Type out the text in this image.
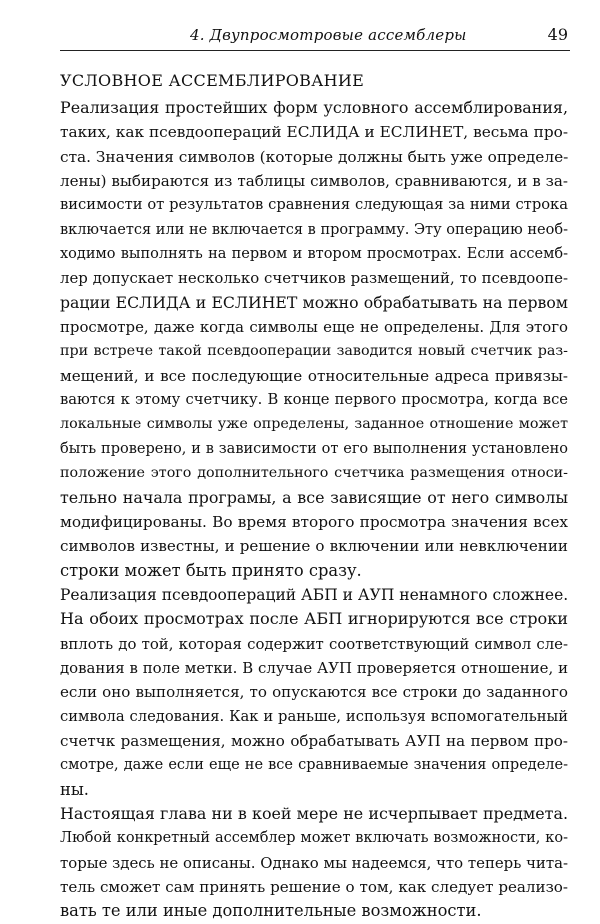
4. Двупросмотровые ассемблеры	49
УСЛОВНОЕ АССЕМБЛИРОВАНИЕ
Реализация простейших форм условного ассемблирования,
таких, как псевдоопераций ЕСЛИДА и ЕСЛИНЕТ, весьма про-
ста. Значения символов (которые должны быть уже определе-
лены) выбираются из таблицы символов, сравниваются, и в за-
висимости от результатов сравнения следующая за ними строка
включается или не включается в программу. Эту операцию необ-
ходимо выполнять на первом и втором просмотрах. Если ассемб-
лер допускает несколько счетчиков размещений, то псевдоопе-
рации ЕСЛИДА и ЕСЛИНЕТ можно обрабатывать на первом
просмотре, даже когда символы еще не определены. Для этого
при встрече такой псевдооперации заводится новый счетчик раз-
мещений, и все последующие относительные адреса привязы-
ваются к этому счетчику. В конце первого просмотра, когда все
локальные символы уже определены, заданное отношение может
быть проверено, и в зависимости от его выполнения установлено
положение этого дополнительного счетчика размещения относи-
тельно начала програмы, а все зависящие от него символы
модифицированы. Во время второго просмотра значения всех
символов известны, и решение о включении или невключении
строки может быть принято сразу.
Реализация псевдоопераций АБП и АУП ненамного сложнее.
На обоих просмотрах после АБП игнорируются все строки
вплоть до той, которая содержит соответствующий символ сле-
дования в поле метки. В случае АУП проверяется отношение, и
если оно выполняется, то опускаются все строки до заданного
символа следования. Как и раньше, используя вспомогательный
счетчк размещения, можно обрабатывать АУП на первом про-
смотре, даже если еще не все сравниваемые значения определе-
ны.
Настоящая глава ни в коей мере не исчерпывает предмета.
Любой конкретный ассемблер может включать возможности, ко-
торые здесь не описаны. Однако мы надеемся, что теперь чита-
тель сможет сам принять решение о том, как следует реализо-
вать те или иные дополнительные возможности.
